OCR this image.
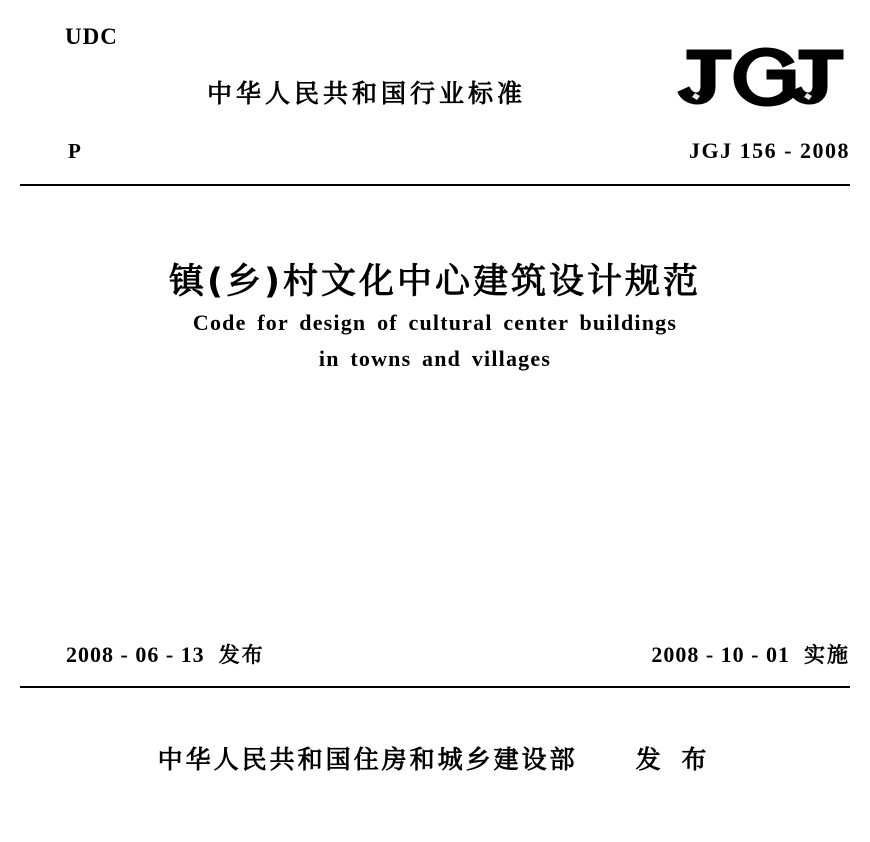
UDC
中华人民共和国行业标准
P	JGJ 156 - 2008
镇(乡)村文化中心建筑设计规范
Code for design of cultural center buildings
in towns and villages
2008 - 06 - 13 发布	2008 - 10 - 01 实施
中华人民共和国住房和城乡建设部 发 布
